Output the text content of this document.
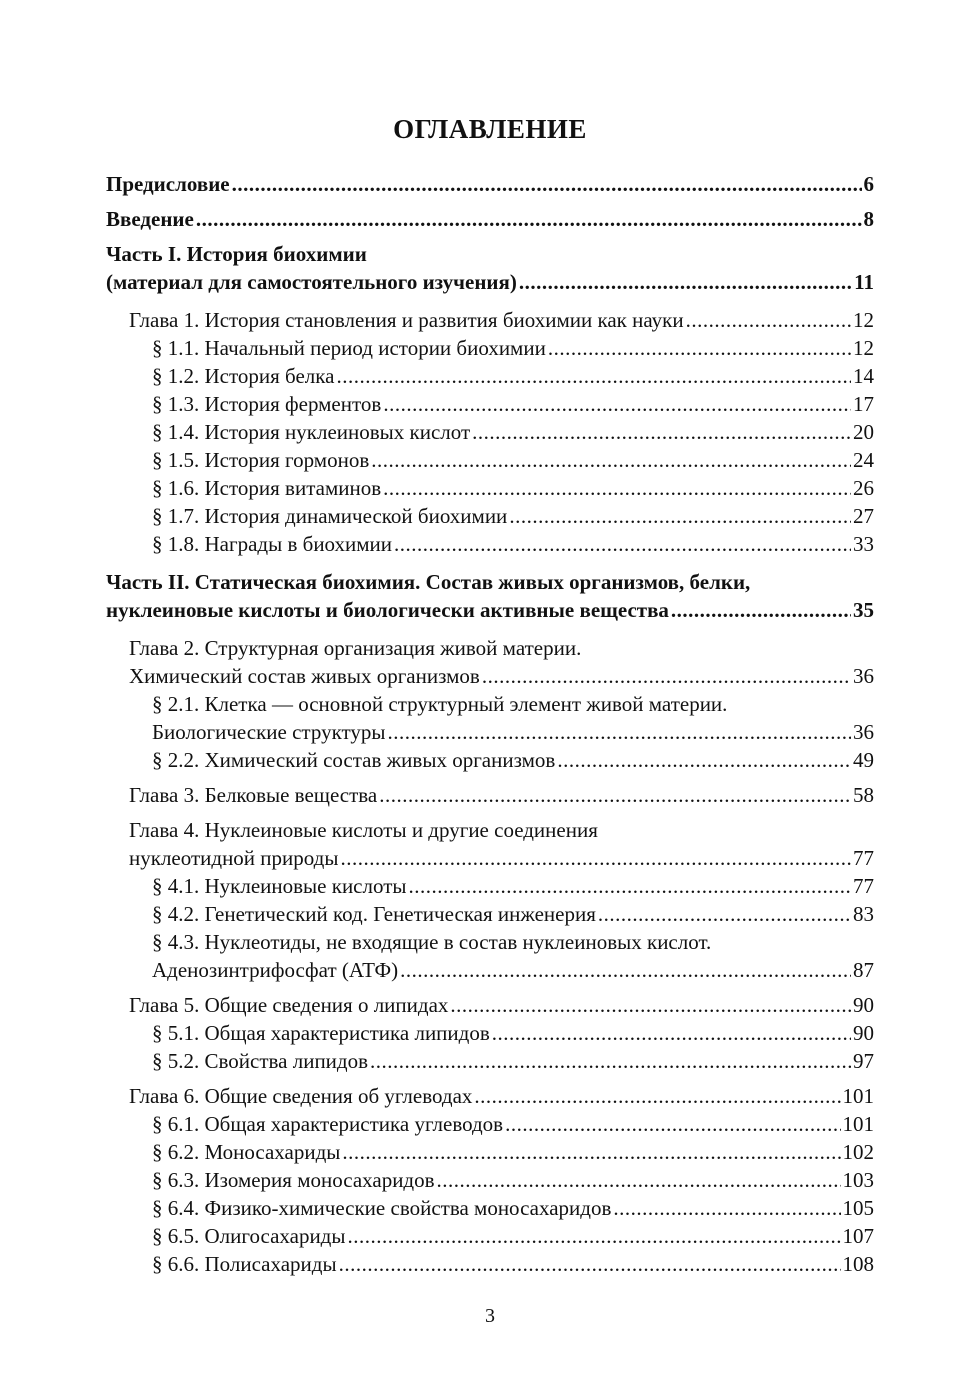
ОГЛАВЛЕНИЕ
Предисловие .....	6
Введение .....	8
Часть I. История биохимии
(материал для самостоятельного изучения) .....	11
Глава 1. История становления и развития биохимии как науки .....	12
§ 1.1. Начальный период истории биохимии .....	12
§ 1.2. История белка .....	14
§ 1.3. История ферментов .....	17
§ 1.4. История нуклеиновых кислот .....	20
§ 1.5. История гормонов .....	24
§ 1.6. История витаминов .....	26
§ 1.7. История динамической биохимии .....	27
§ 1.8. Награды в биохимии .....	33
Часть II. Статическая биохимия. Состав живых организмов, белки,
нуклеиновые кислоты и биологически активные вещества .....	35
Глава 2. Структурная организация живой материи.
Химический состав живых организмов .....	36
§ 2.1. Клетка — основной структурный элемент живой материи.
Биологические структуры .....	36
§ 2.2. Химический состав живых организмов .....	49
Глава 3. Белковые вещества .....	58
Глава 4. Нуклеиновые кислоты и другие соединения
нуклеотидной природы .....	77
§ 4.1. Нуклеиновые кислоты .....	77
§ 4.2. Генетический код. Генетическая инженерия .....	83
§ 4.3. Нуклеотиды, не входящие в состав нуклеиновых кислот.
Аденозинтрифосфат (АТФ) .....	87
Глава 5. Общие сведения о липидах .....	90
§ 5.1. Общая характеристика липидов .....	90
§ 5.2. Свойства липидов .....	97
Глава 6. Общие сведения об углеводах .....	101
§ 6.1. Общая характеристика углеводов .....	101
§ 6.2. Моносахариды .....	102
§ 6.3. Изомерия моносахаридов .....	103
§ 6.4. Физико-химические свойства моносахаридов .....	105
§ 6.5. Олигосахариды .....	107
§ 6.6. Полисахариды .....	108
3
